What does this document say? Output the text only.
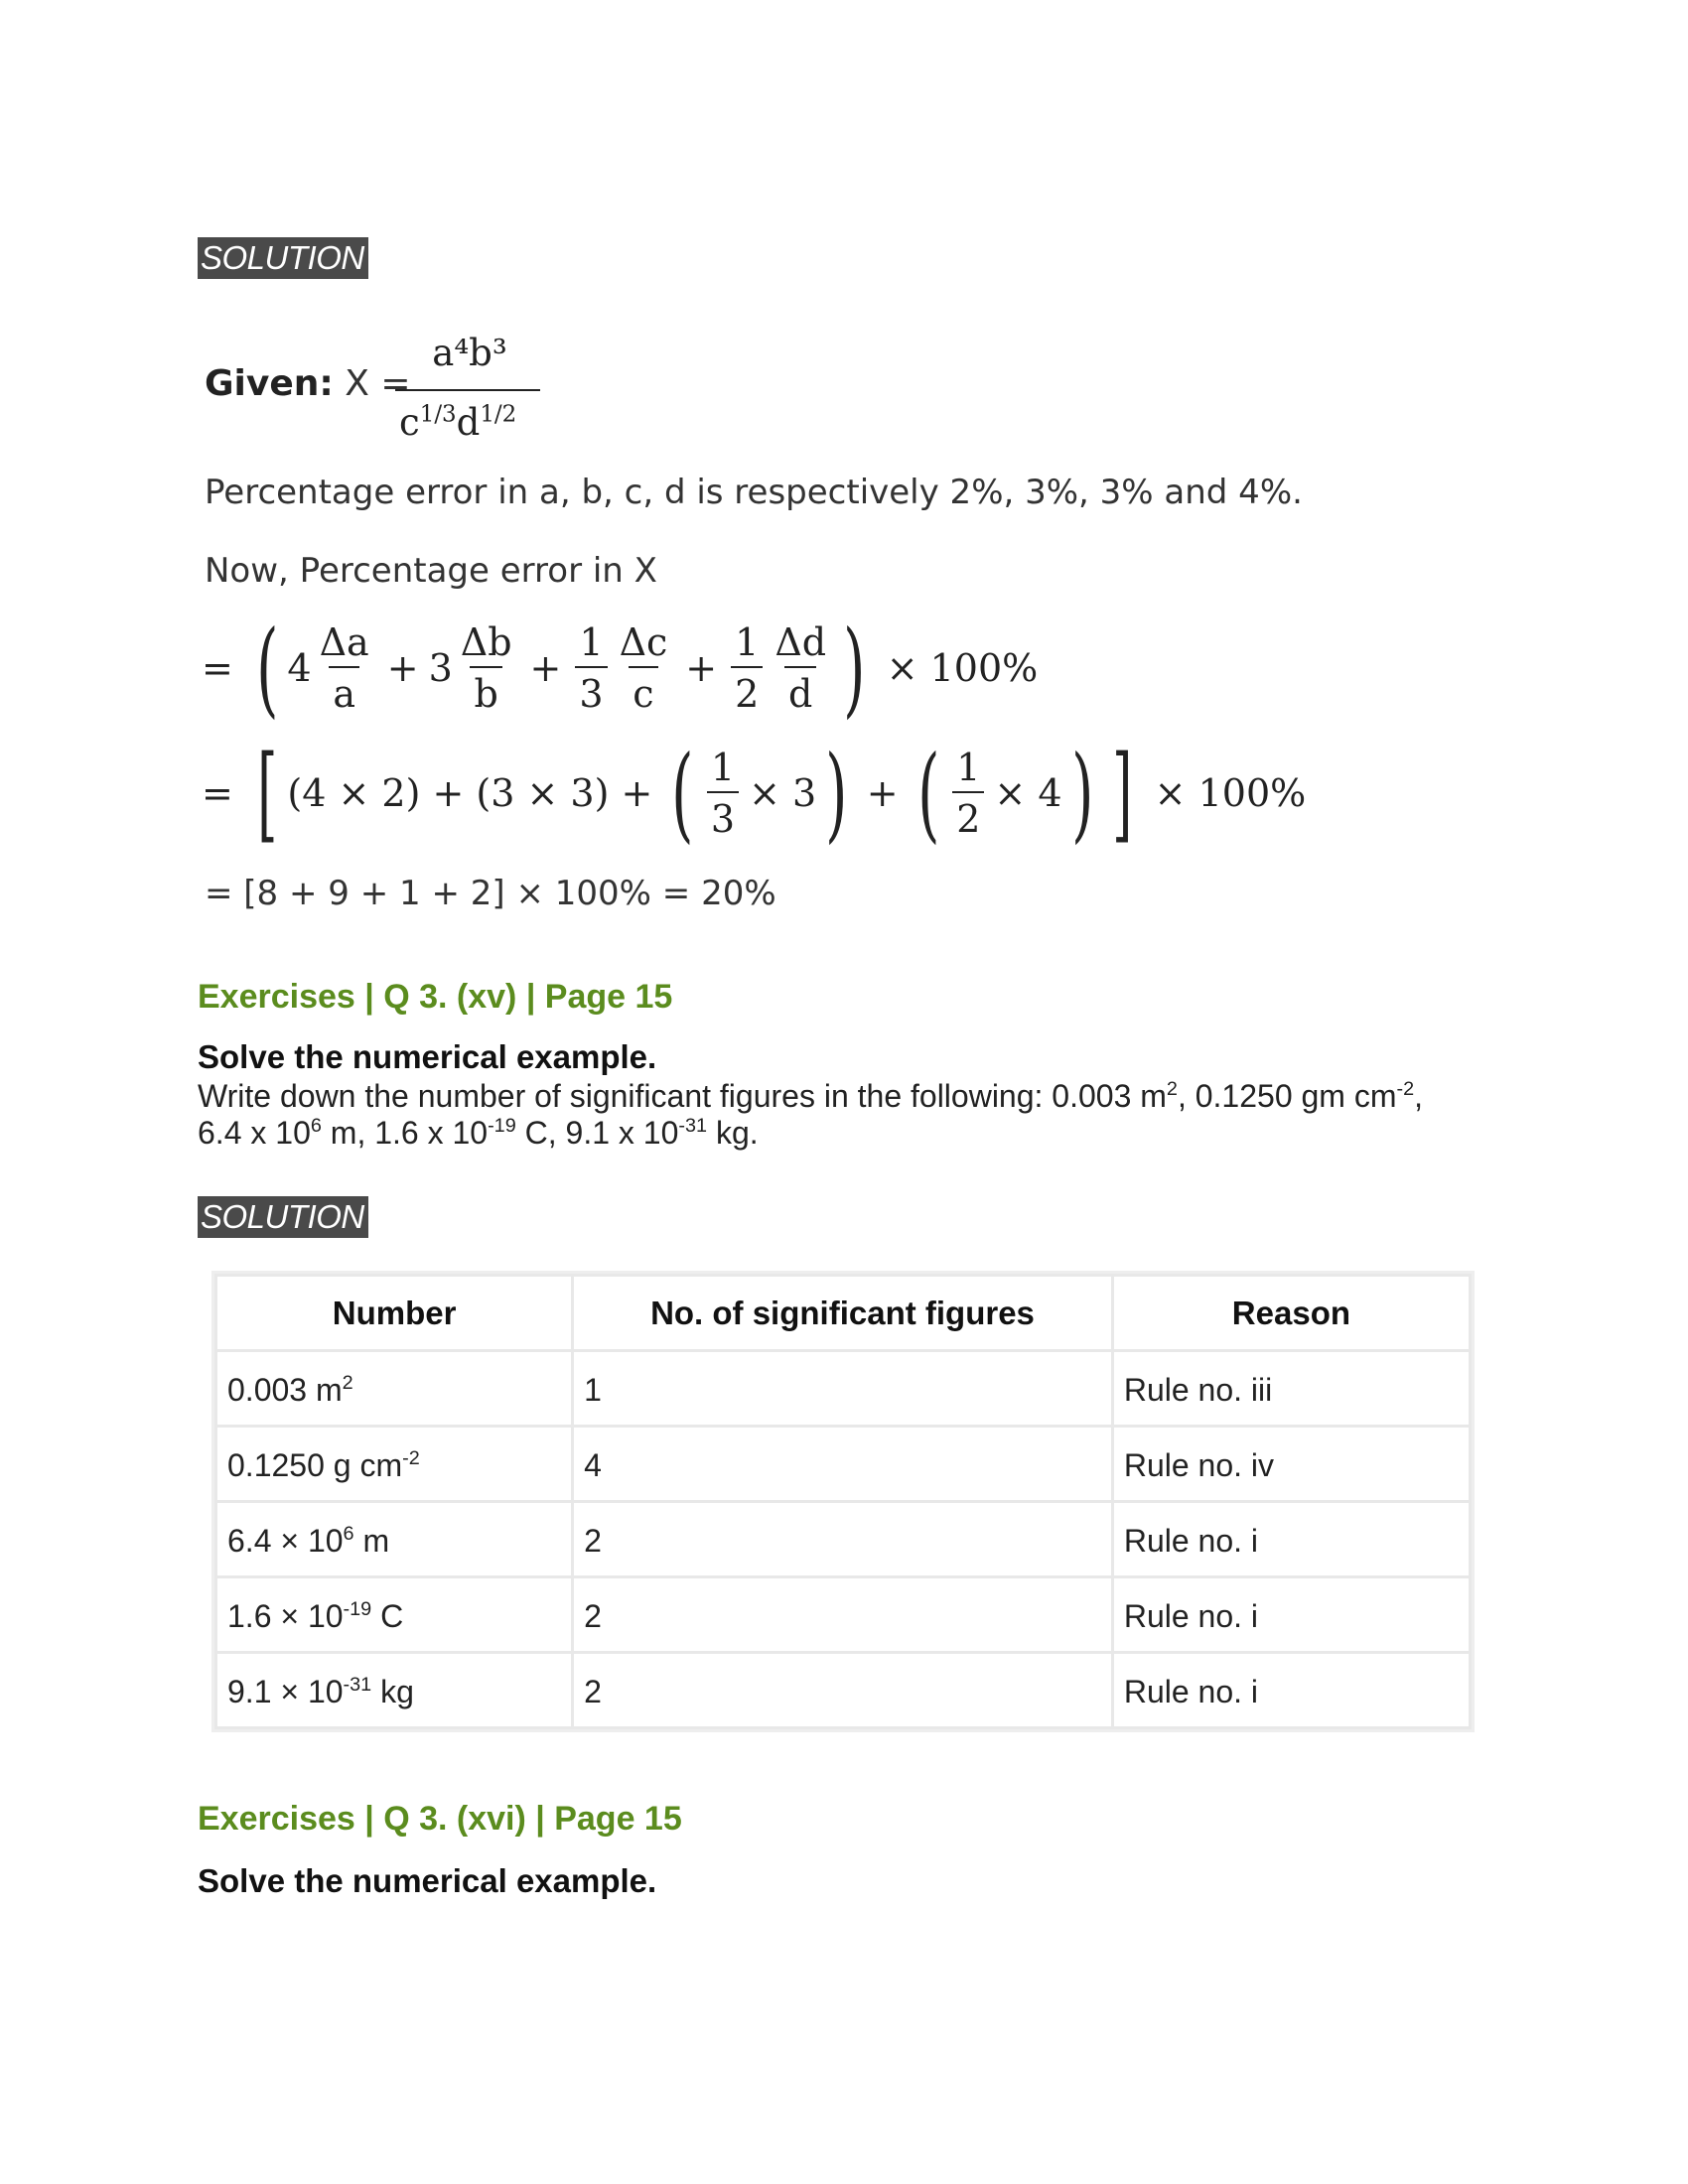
SOLUTION
Given: X =
a⁴b³
$c^{1/3}d^{1/2}$
Percentage error in a, b, c, d is respectively 2%, 3%, 3% and 4%.
Now, Percentage error in X
= ( $4 \frac{\Delta a}{a} + 3 \frac{\Delta b}{b} + \frac{1}{3} \frac{\Delta c}{c} + \frac{1}{2} \frac{\Delta d}{d}$ ) × 100%
= [ (4 × 2) + (3 × 3) + ( $\frac{1}{3} \times 3$ ) + ( $\frac{1}{2} \times 4$ ) ] × 100%
= [8 + 9 + 1 + 2] × 100% = 20%
Exercises | Q 3. (xv) | Page 15
Solve the numerical example.
Write down the number of significant figures in the following: 0.003 $m^2$, 0.1250 gm $cm^{-2}$,
6.4 x $10^6$ m, 1.6 x $10^{-19}$ C, 9.1 x $10^{-31}$ kg.
SOLUTION
Number	No. of significant figures	Reason
0.003 $m^2$	1	Rule no. iii
0.1250 g $cm^{-2}$	4	Rule no. iv
$6.4 \times 10^6$ m	2	Rule no. i
$1.6 \times 10^{-19}$ C	2	Rule no. i
$9.1 \times 10^{-31}$ kg	2	Rule no. i
Exercises | Q 3. (xvi) | Page 15
Solve the numerical example.
